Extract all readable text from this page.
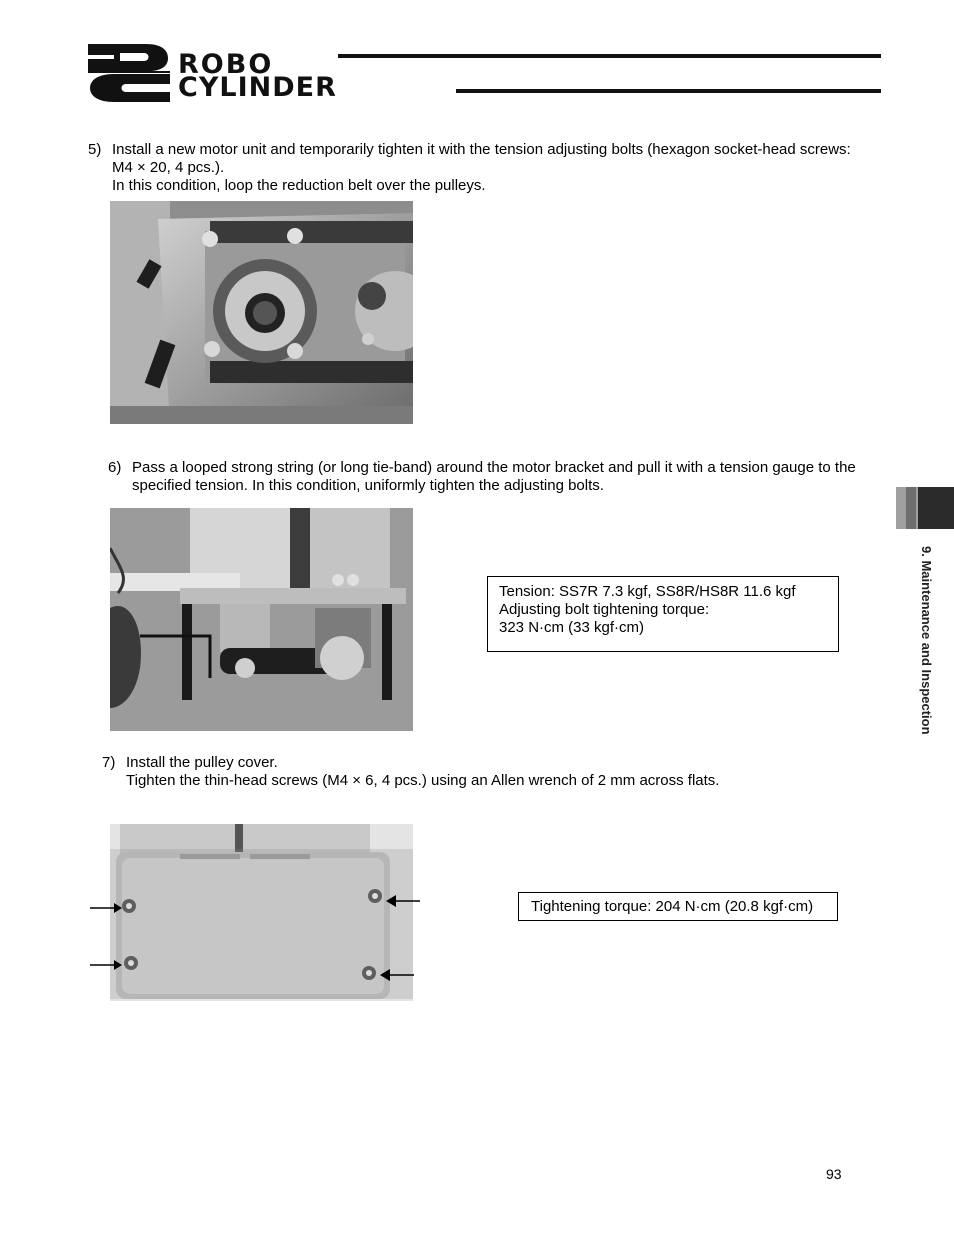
ROBO
CYLINDER
5) Install a new motor unit and temporarily tighten it with the tension adjusting bolts (hexagon socket-head screws:
M4 × 20, 4 pcs.).
In this condition, loop the reduction belt over the pulleys.
6) Pass a looped strong string (or long tie-band) around the motor bracket and pull it with a tension gauge to the
specified tension. In this condition, uniformly tighten the adjusting bolts.
Tension: SS7R 7.3 kgf, SS8R/HS8R 11.6 kgf
Adjusting bolt tightening torque:
323 N·cm (33 kgf·cm)
7) Install the pulley cover.
Tighten the thin-head screws (M4 × 6, 4 pcs.) using an Allen wrench of 2 mm across flats.
Tightening torque: 204 N·cm (20.8 kgf·cm)
9. Maintenance and Inspection
93
